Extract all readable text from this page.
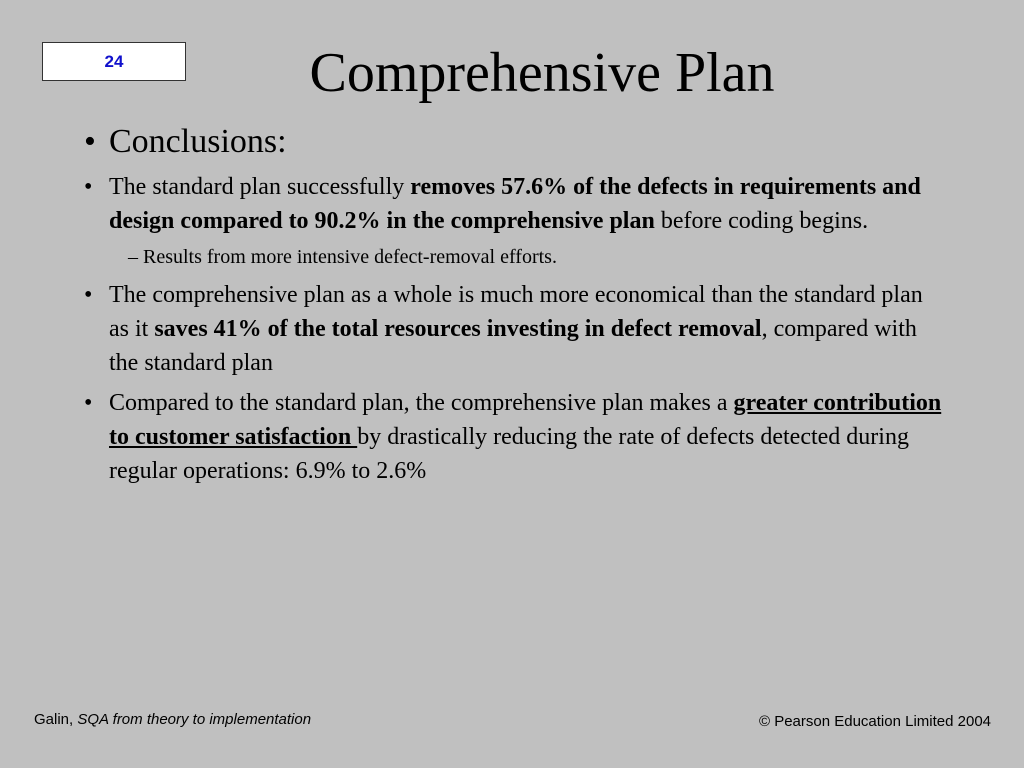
24	Comprehensive Plan
• Conclusions:
• The standard plan successfully removes 57.6% of the defects in requirements and design compared to 90.2% in the comprehensive plan before coding begins.
– Results from more intensive defect-removal efforts.
• The comprehensive plan as a whole is much more economical than the standard plan as it saves 41% of the total resources investing in defect removal, compared with the standard plan
• Compared to the standard plan, the comprehensive plan makes a greater contribution to customer satisfaction by drastically reducing the rate of defects detected during regular operations: 6.9% to 2.6%
Galin, SQA from theory to implementation	© Pearson Education Limited 2004
